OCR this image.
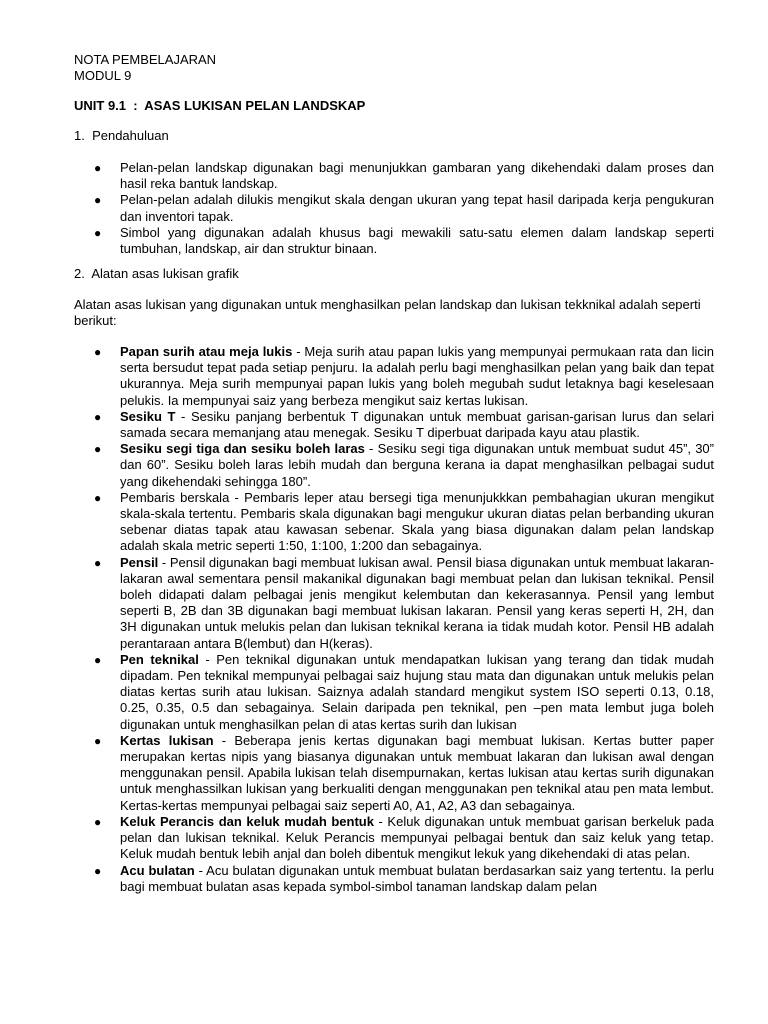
NOTA PEMBELAJARAN
MODUL 9
UNIT 9.1  :  ASAS LUKISAN PELAN LANDSKAP
1.  Pendahuluan
● Pelan-pelan landskap digunakan bagi menunjukkan gambaran yang dikehendaki dalam proses dan hasil reka bantuk landskap.
● Pelan-pelan adalah dilukis mengikut skala dengan ukuran yang tepat hasil daripada kerja pengukuran dan inventori tapak.
● Simbol yang digunakan adalah khusus bagi mewakili satu-satu elemen dalam landskap seperti tumbuhan, landskap, air dan struktur binaan.
2.  Alatan asas lukisan grafik

Alatan asas lukisan yang digunakan untuk menghasilkan pelan landskap dan lukisan tekknikal adalah seperti berikut:

● Papan surih atau meja lukis - Meja surih atau papan lukis yang mempunyai permukaan rata dan licin serta bersudut tepat pada setiap penjuru. Ia adalah perlu bagi menghasilkan pelan yang baik dan tepat ukurannya. Meja surih mempunyai papan lukis yang boleh megubah sudut letaknya bagi keselesaan pelukis. Ia mempunyai saiz yang berbeza mengikut saiz kertas lukisan.
● Sesiku T - Sesiku panjang berbentuk T digunakan untuk membuat garisan-garisan lurus dan selari samada secara memanjang atau menegak. Sesiku T diperbuat daripada kayu atau plastik.
● Sesiku segi tiga dan sesiku boleh laras - Sesiku segi tiga digunakan untuk membuat sudut 45”, 30” dan 60”. Sesiku boleh laras lebih mudah dan berguna kerana ia dapat menghasilkan pelbagai sudut yang dikehendaki sehingga 180”.
● Pembaris berskala - Pembaris leper atau bersegi tiga menunjukkkan pembahagian ukuran mengikut skala-skala tertentu. Pembaris skala digunakan bagi mengukur ukuran diatas pelan berbanding ukuran sebenar diatas tapak atau kawasan sebenar. Skala yang biasa digunakan dalam pelan landskap adalah skala metric seperti 1:50, 1:100, 1:200 dan sebagainya.
● Pensil - Pensil digunakan bagi membuat lukisan awal. Pensil biasa digunakan untuk membuat lakaran-lakaran awal sementara pensil makanikal digunakan bagi membuat pelan dan lukisan teknikal. Pensil boleh didapati dalam pelbagai jenis mengikut kelembutan dan kekerasannya. Pensil yang lembut seperti B, 2B dan 3B digunakan bagi membuat lukisan lakaran. Pensil yang keras seperti H, 2H, dan 3H digunakan untuk melukis pelan dan lukisan teknikal kerana ia tidak mudah kotor. Pensil HB adalah perantaraan antara B(lembut) dan H(keras).
● Pen teknikal - Pen teknikal digunakan untuk mendapatkan lukisan yang terang dan tidak mudah dipadam. Pen teknikal mempunyai pelbagai saiz hujung stau mata dan digunakan untuk melukis pelan diatas kertas surih atau lukisan. Saiznya adalah standard mengikut system ISO seperti 0.13, 0.18, 0.25, 0.35, 0.5 dan sebagainya. Selain daripada pen teknikal, pen –pen mata lembut juga boleh digunakan untuk menghasilkan pelan di atas kertas surih dan lukisan
● Kertas lukisan - Beberapa jenis kertas digunakan bagi membuat lukisan. Kertas butter paper merupakan kertas nipis yang biasanya digunakan untuk membuat lakaran dan lukisan awal dengan menggunakan pensil. Apabila lukisan telah disempurnakan, kertas lukisan atau kertas surih digunakan untuk menghassilkan lukisan yang berkualiti dengan menggunakan pen teknikal atau pen mata lembut. Kertas-kertas mempunyai pelbagai saiz seperti A0, A1, A2, A3 dan sebagainya.
● Keluk Perancis dan keluk mudah bentuk - Keluk digunakan untuk membuat garisan berkeluk pada pelan dan lukisan teknikal. Keluk Perancis mempunyai pelbagai bentuk dan saiz keluk yang tetap. Keluk mudah bentuk lebih anjal dan boleh dibentuk mengikut lekuk yang dikehendaki di atas pelan.
● Acu bulatan - Acu bulatan digunakan untuk membuat bulatan berdasarkan saiz yang tertentu. Ia perlu bagi membuat bulatan asas kepada symbol-simbol tanaman landskap dalam pelan
